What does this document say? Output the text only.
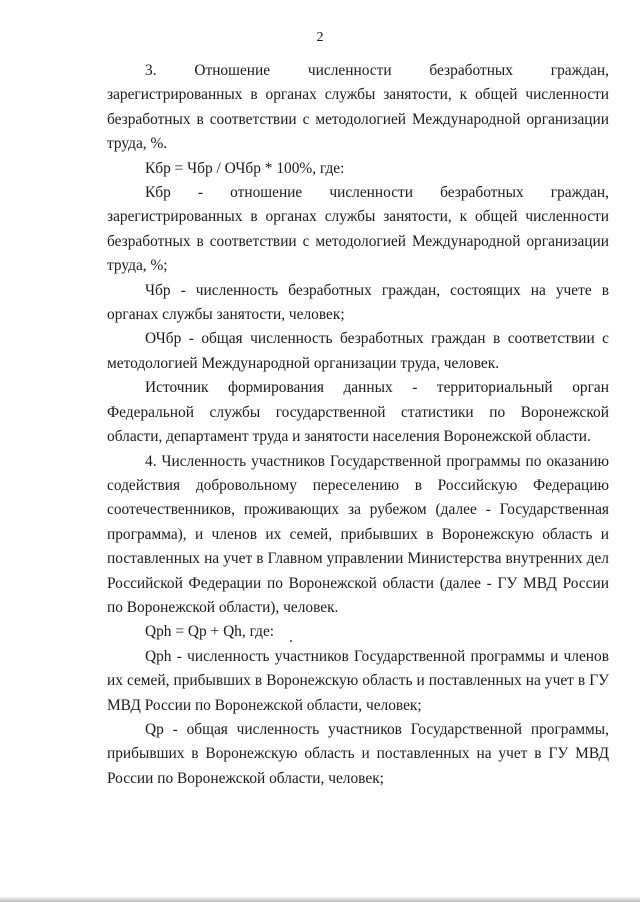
2

3. Отношение численности безработных граждан, зарегистрированных в органах службы занятости, к общей численности безработных в соответствии с методологией Международной организации труда, %.

Кбр = Чбр / ОЧбр * 100%, где:

Кбр - отношение численности безработных граждан, зарегистрированных в органах службы занятости, к общей численности безработных в соответствии с методологией Международной организации труда, %;

Чбр - численность безработных граждан, состоящих на учете в органах службы занятости, человек;

ОЧбр - общая численность безработных граждан в соответствии с методологией Международной организации труда, человек.

Источник формирования данных - территориальный орган Федеральной службы государственной статистики по Воронежской области, департамент труда и занятости населения Воронежской области.

4. Численность участников Государственной программы по оказанию содействия добровольному переселению в Российскую Федерацию соотечественников, проживающих за рубежом (далее - Государственная программа), и членов их семей, прибывших в Воронежскую область и поставленных на учет в Главном управлении Министерства внутренних дел Российской Федерации по Воронежской области (далее - ГУ МВД России по Воронежской области), человек.

Qph = Qp + Qh, где:

Qph - численность участников Государственной программы и членов их семей, прибывших в Воронежскую область и поставленных на учет в ГУ МВД России по Воронежской области, человек;

Qp - общая численность участников Государственной программы, прибывших в Воронежскую область и поставленных на учет в ГУ МВД России по Воронежской области, человек;
